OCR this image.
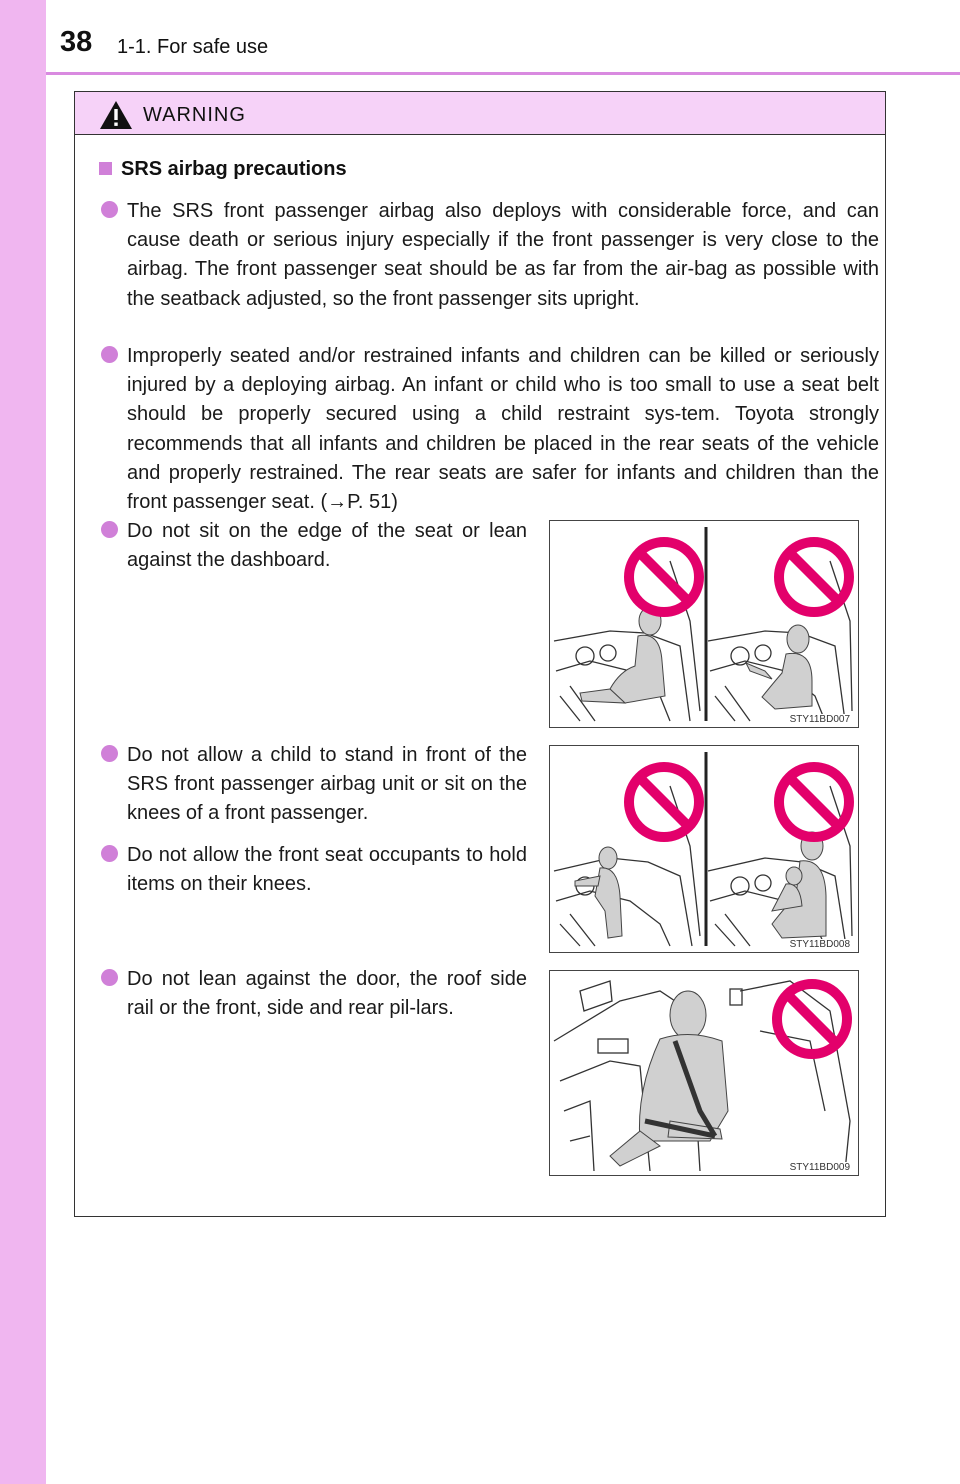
38 1-1. For safe use
WARNING
SRS airbag precautions
The SRS front passenger airbag also deploys with considerable force, and can cause death or serious injury especially if the front passenger is very close to the airbag. The front passenger seat should be as far from the air-bag as possible with the seatback adjusted, so the front passenger sits upright.
Improperly seated and/or restrained infants and children can be killed or seriously injured by a deploying airbag. An infant or child who is too small to use a seat belt should be properly secured using a child restraint sys-tem. Toyota strongly recommends that all infants and children be placed in the rear seats of the vehicle and properly restrained. The rear seats are safer for infants and children than the front passenger seat. (→P. 51)
Do not sit on the edge of the seat or lean against the dashboard.
Do not allow a child to stand in front of the SRS front passenger airbag unit or sit on the knees of a front passenger.
Do not allow the front seat occupants to hold items on their knees.
Do not lean against the door, the roof side rail or the front, side and rear pil-lars.
STY11BD007
STY11BD008
STY11BD009
